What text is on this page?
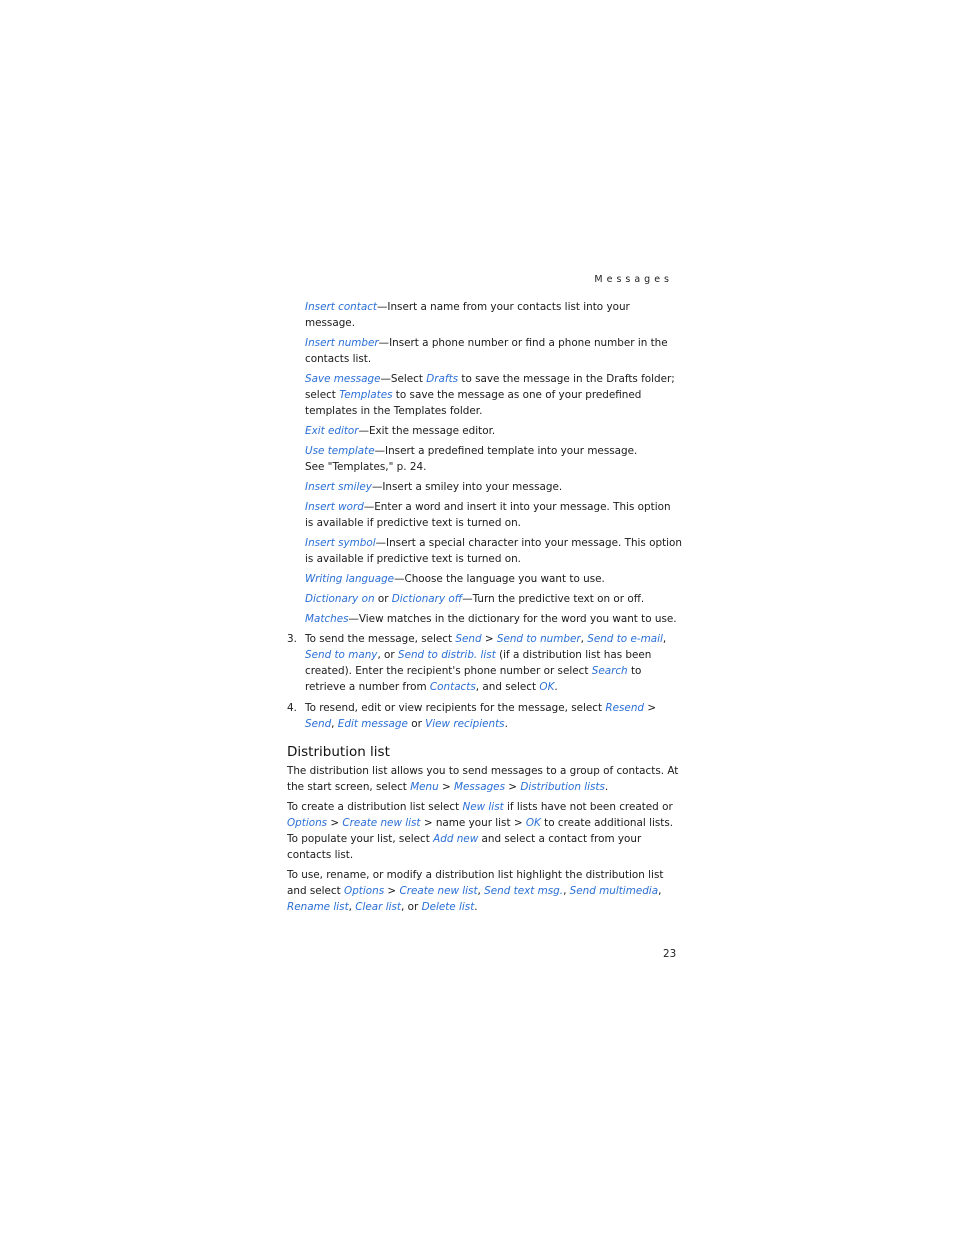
Messages
Insert contact—Insert a name from your contacts list into your message.
Insert number—Insert a phone number or find a phone number in the contacts list.
Save message—Select Drafts to save the message in the Drafts folder; select Templates to save the message as one of your predefined templates in the Templates folder.
Exit editor—Exit the message editor.
Use template—Insert a predefined template into your message.
See "Templates," p. 24.
Insert smiley—Insert a smiley into your message.
Insert word—Enter a word and insert it into your message. This option is available if predictive text is turned on.
Insert symbol—Insert a special character into your message. This option is available if predictive text is turned on.
Writing language—Choose the language you want to use.
Dictionary on or Dictionary off—Turn the predictive text on or off.
Matches—View matches in the dictionary for the word you want to use.
3. To send the message, select Send > Send to number, Send to e-mail, Send to many, or Send to distrib. list (if a distribution list has been created). Enter the recipient's phone number or select Search to retrieve a number from Contacts, and select OK.
4. To resend, edit or view recipients for the message, select Resend > Send, Edit message or View recipients.
Distribution list
The distribution list allows you to send messages to a group of contacts. At the start screen, select Menu > Messages > Distribution lists.
To create a distribution list select New list if lists have not been created or Options > Create new list > name your list > OK to create additional lists. To populate your list, select Add new and select a contact from your contacts list.
To use, rename, or modify a distribution list highlight the distribution list and select Options > Create new list, Send text msg., Send multimedia, Rename list, Clear list, or Delete list.
23
